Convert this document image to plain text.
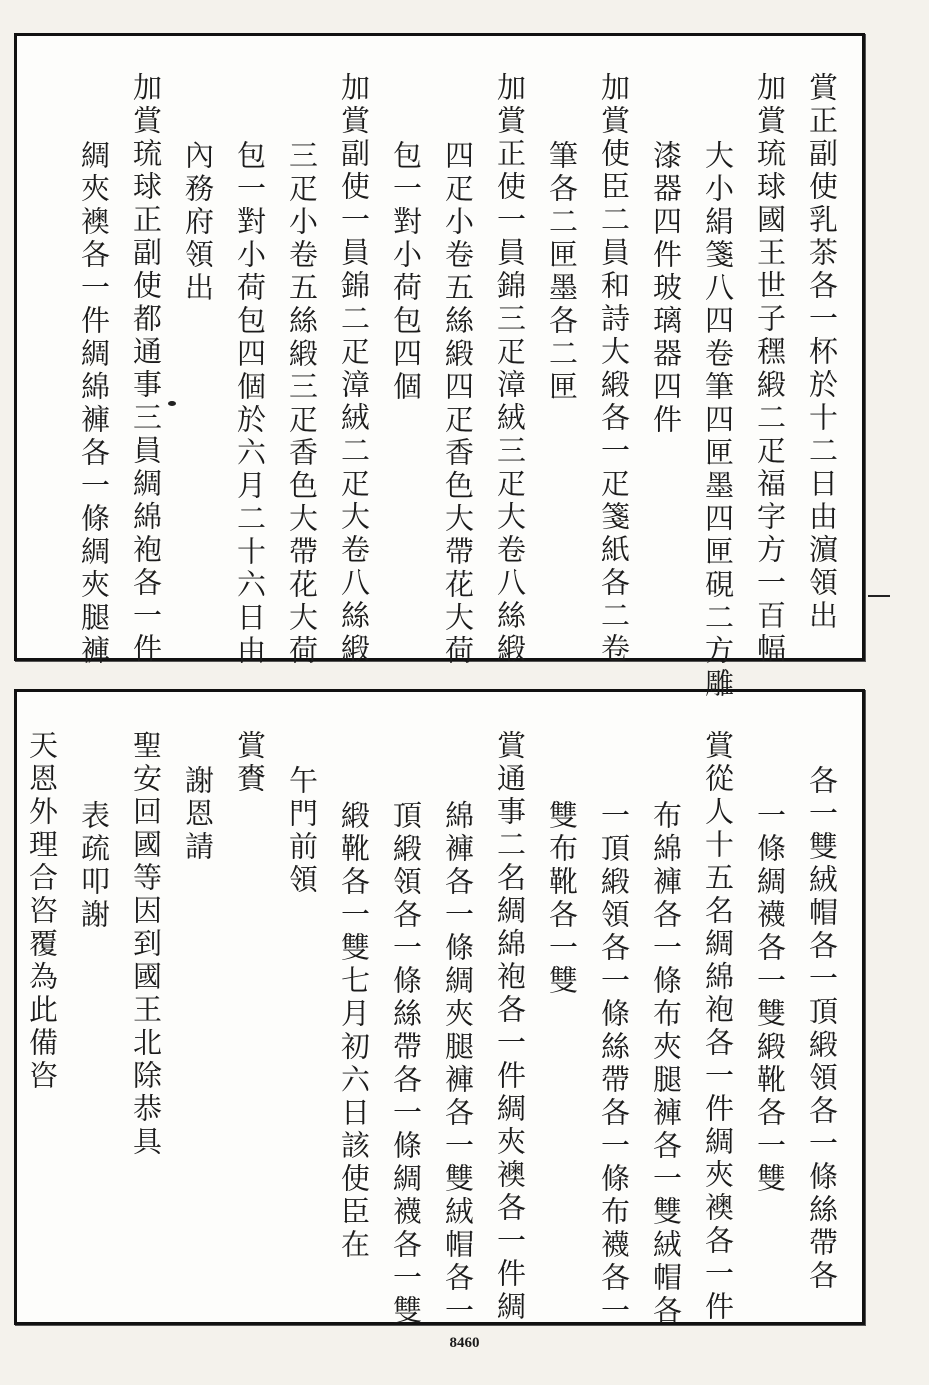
賞正副使乳茶各一杯於十二日由濵領出
加賞琉球國王世子䆀緞二疋福字方一百幅
大小絹箋八四卷筆四匣墨四匣硯二方雕
漆器四件玻璃器四件
加賞使臣二員和詩大緞各一疋箋紙各二卷
筆各二匣墨各二匣
加賞正使一員錦三疋漳絨三疋大卷八絲緞
四疋小卷五絲緞四疋香色大帶花大荷
包一對小荷包四個
加賞副使一員錦二疋漳絨二疋大卷八絲緞
三疋小卷五絲緞三疋香色大帶花大荷
包一對小荷包四個於六月二十六日由
內務府領出
加賞琉球正副使都通事三員綢綿袍各一件
綢夾襖各一件綢綿褲各一條綢夾腿褲
各一雙絨帽各一頂緞領各一條絲帶各
一條綢襪各一雙緞靴各一雙
賞從人十五名綢綿袍各一件綢夾襖各一件
布綿褲各一條布夾腿褲各一雙絨帽各
一頂緞領各一條絲帶各一條布襪各一
雙布靴各一雙
賞通事二名綢綿袍各一件綢夾襖各一件綢
綿褲各一條綢夾腿褲各一雙絨帽各一
頂緞領各一條絲帶各一條綢襪各一雙
緞靴各一雙七月初六日該使臣在
午門前領
賞賚
謝恩請
聖安回國等因到國王北除恭具
表疏叩謝
天恩外理合咨覆為此備咨
8460
